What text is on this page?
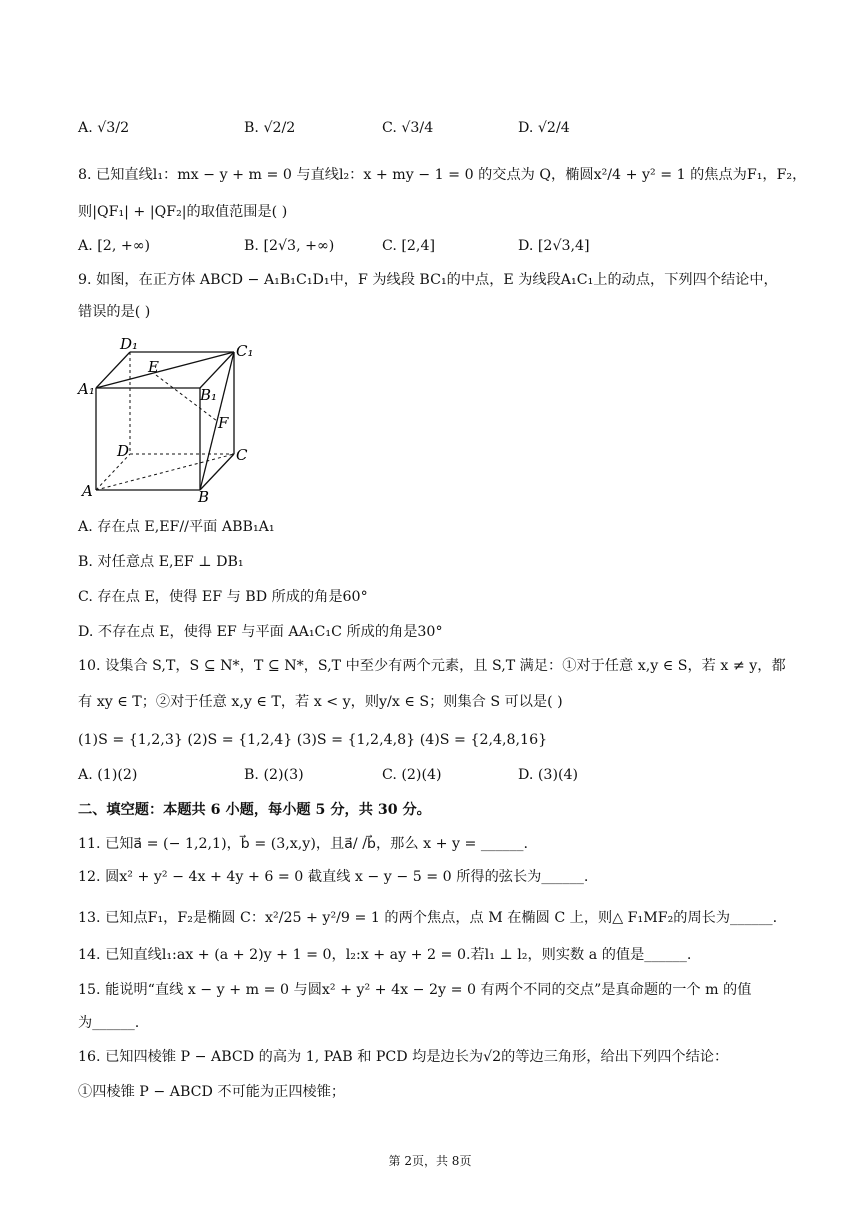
A. √3/2	B. √2/2	C. √3/4	D. √2/4
8. 已知直线l₁：mx − y + m = 0 与直线l₂：x + my − 1 = 0 的交点为 Q，椭圆x²/4 + y² = 1 的焦点为F₁，F₂，
则|QF₁| + |QF₂|的取值范围是( )
A. [2, +∞)	B. [2√3, +∞)	C. [2,4]	D. [2√3,4]
9. 如图，在正方体 ABCD − A₁B₁C₁D₁中，F 为线段 BC₁的中点，E 为线段A₁C₁上的动点，下列四个结论中，
错误的是( )
D₁	C₁
A₁	B₁
E
F
D	C
A	B
A. 存在点 E,EF//平面 ABB₁A₁
B. 对任意点 E,EF ⊥ DB₁
C. 存在点 E，使得 EF 与 BD 所成的角是60°
D. 不存在点 E，使得 EF 与平面 AA₁C₁C 所成的角是30°
10. 设集合 S,T，S ⊆ N*，T ⊆ N*，S,T 中至少有两个元素，且 S,T 满足：①对于任意 x,y ∈ S，若 x ≠ y，都
有 xy ∈ T；②对于任意 x,y ∈ T，若 x < y，则y/x ∈ S；则集合 S 可以是( )
(1)S = {1,2,3} (2)S = {1,2,4} (3)S = {1,2,4,8} (4)S = {2,4,8,16}
A. (1)(2)	B. (2)(3)	C. (2)(4)	D. (3)(4)
二、填空题：本题共 6 小题，每小题 5 分，共 30 分。
11. 已知a⃗ = (− 1,2,1)，b⃗ = (3,x,y)，且a⃗/ /b⃗，那么 x + y = ______.
12. 圆x² + y² − 4x + 4y + 6 = 0 截直线 x − y − 5 = 0 所得的弦长为______.
13. 已知点F₁，F₂是椭圆 C：x²/25 + y²/9 = 1 的两个焦点，点 M 在椭圆 C 上，则△ F₁MF₂的周长为______.
14. 已知直线l₁:ax + (a + 2)y + 1 = 0，l₂:x + ay + 2 = 0.若l₁ ⊥ l₂，则实数 a 的值是______.
15. 能说明“直线 x − y + m = 0 与圆x² + y² + 4x − 2y = 0 有两个不同的交点”是真命题的一个 m 的值
为______.
16. 已知四棱锥 P − ABCD 的高为 1, PAB 和 PCD 均是边长为√2的等边三角形，给出下列四个结论：
①四棱锥 P − ABCD 不可能为正四棱锥；
第 2页，共 8页
